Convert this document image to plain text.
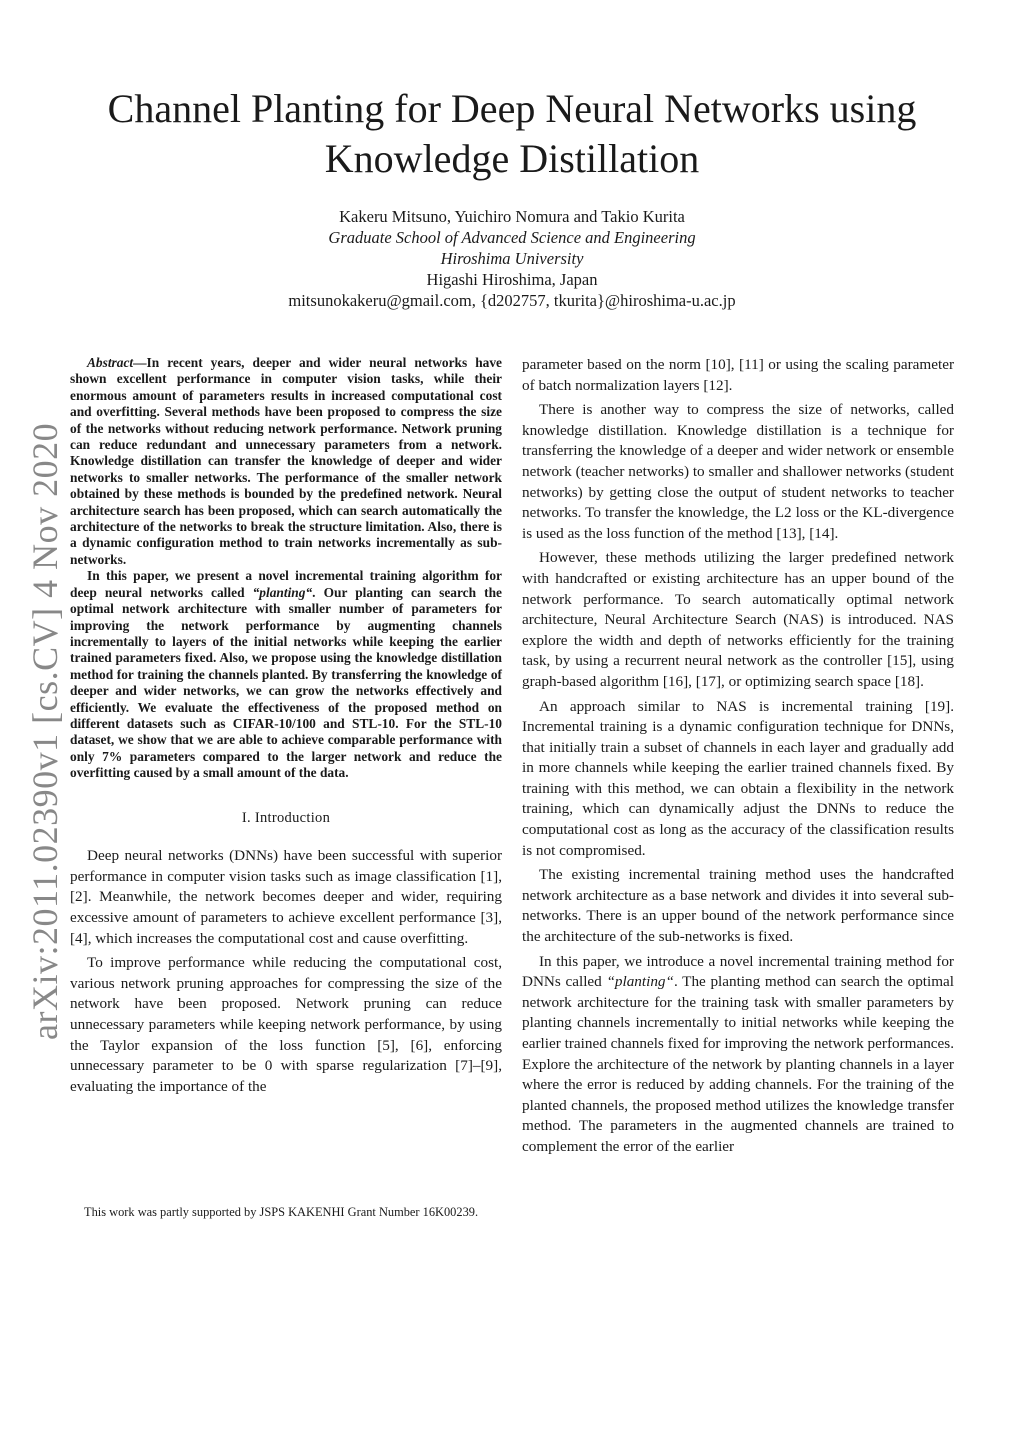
arXiv:2011.02390v1 [cs.CV] 4 Nov 2020
Channel Planting for Deep Neural Networks using Knowledge Distillation
Kakeru Mitsuno, Yuichiro Nomura and Takio Kurita
Graduate School of Advanced Science and Engineering
Hiroshima University
Higashi Hiroshima, Japan
mitsunokakeru@gmail.com, {d202757, tkurita}@hiroshima-u.ac.jp

Abstract—In recent years, deeper and wider neural networks have shown excellent performance in computer vision tasks, while their enormous amount of parameters results in increased computational cost and overfitting. Several methods have been proposed to compress the size of the networks without reducing network performance. Network pruning can reduce redundant and unnecessary parameters from a network. Knowledge distillation can transfer the knowledge of deeper and wider networks to smaller networks. The performance of the smaller network obtained by these methods is bounded by the predefined network. Neural architecture search has been proposed, which can search automatically the architecture of the networks to break the structure limitation. Also, there is a dynamic configuration method to train networks incrementally as sub-networks.

In this paper, we present a novel incremental training algorithm for deep neural networks called “planting“. Our planting can search the optimal network architecture with smaller number of parameters for improving the network performance by augmenting channels incrementally to layers of the initial networks while keeping the earlier trained parameters fixed. Also, we propose using the knowledge distillation method for training the channels planted. By transferring the knowledge of deeper and wider networks, we can grow the networks effectively and efficiently. We evaluate the effectiveness of the proposed method on different datasets such as CIFAR-10/100 and STL-10. For the STL-10 dataset, we show that we are able to achieve comparable performance with only 7% parameters compared to the larger network and reduce the overfitting caused by a small amount of the data.

I. Introduction

Deep neural networks (DNNs) have been successful with superior performance in computer vision tasks such as image classification [1], [2]. Meanwhile, the network becomes deeper and wider, requiring excessive amount of parameters to achieve excellent performance [3], [4], which increases the computational cost and cause overfitting.

To improve performance while reducing the computational cost, various network pruning approaches for compressing the size of the network have been proposed. Network pruning can reduce unnecessary parameters while keeping network performance, by using the Taylor expansion of the loss function [5], [6], enforcing unnecessary parameter to be 0 with sparse regularization [7]–[9], evaluating the importance of the

This work was partly supported by JSPS KAKENHI Grant Number 16K00239.

parameter based on the norm [10], [11] or using the scaling parameter of batch normalization layers [12].

There is another way to compress the size of networks, called knowledge distillation. Knowledge distillation is a technique for transferring the knowledge of a deeper and wider network or ensemble network (teacher networks) to smaller and shallower networks (student networks) by getting close the output of student networks to teacher networks. To transfer the knowledge, the L2 loss or the KL-divergence is used as the loss function of the method [13], [14].

However, these methods utilizing the larger predefined network with handcrafted or existing architecture has an upper bound of the network performance. To search automatically optimal network architecture, Neural Architecture Search (NAS) is introduced. NAS explore the width and depth of networks efficiently for the training task, by using a recurrent neural network as the controller [15], using graph-based algorithm [16], [17], or optimizing search space [18].

An approach similar to NAS is incremental training [19]. Incremental training is a dynamic configuration technique for DNNs, that initially train a subset of channels in each layer and gradually add in more channels while keeping the earlier trained channels fixed. By training with this method, we can obtain a flexibility in the network training, which can dynamically adjust the DNNs to reduce the computational cost as long as the accuracy of the classification results is not compromised.

The existing incremental training method uses the handcrafted network architecture as a base network and divides it into several sub-networks. There is an upper bound of the network performance since the architecture of the sub-networks is fixed.

In this paper, we introduce a novel incremental training method for DNNs called “planting“. The planting method can search the optimal network architecture for the training task with smaller parameters by planting channels incrementally to initial networks while keeping the earlier trained channels fixed for improving the network performances. Explore the architecture of the network by planting channels in a layer where the error is reduced by adding channels. For the training of the planted channels, the proposed method utilizes the knowledge transfer method. The parameters in the augmented channels are trained to complement the error of the earlier
